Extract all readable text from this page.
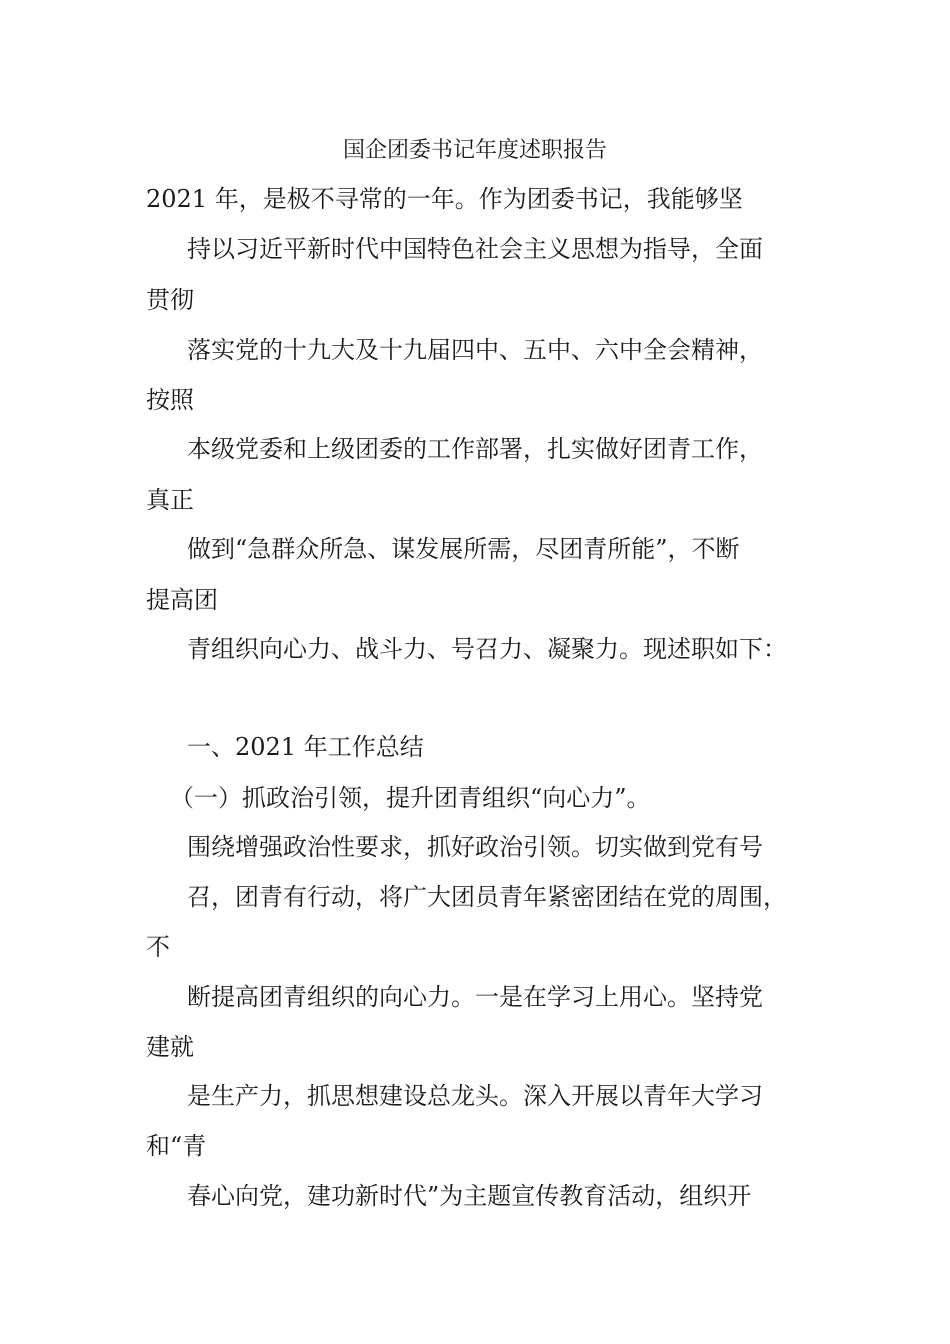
国企团委书记年度述职报告
2021 年，是极不寻常的一年。作为团委书记，我能够坚
持以习近平新时代中国特色社会主义思想为指导，全面
贯彻
落实党的十九大及十九届四中、五中、六中全会精神，
按照
本级党委和上级团委的工作部署，扎实做好团青工作，
真正
做到“急群众所急、谋发展所需，尽团青所能”，不断
提高团
青组织向心力、战斗力、号召力、凝聚力。现述职如下：
一、2021 年工作总结
（一）抓政治引领，提升团青组织“向心力”。
围绕增强政治性要求，抓好政治引领。切实做到党有号
召，团青有行动，将广大团员青年紧密团结在党的周围，
不
断提高团青组织的向心力。一是在学习上用心。坚持党
建就
是生产力，抓思想建设总龙头。深入开展以青年大学习
和“青
春心向党，建功新时代”为主题宣传教育活动，组织开
